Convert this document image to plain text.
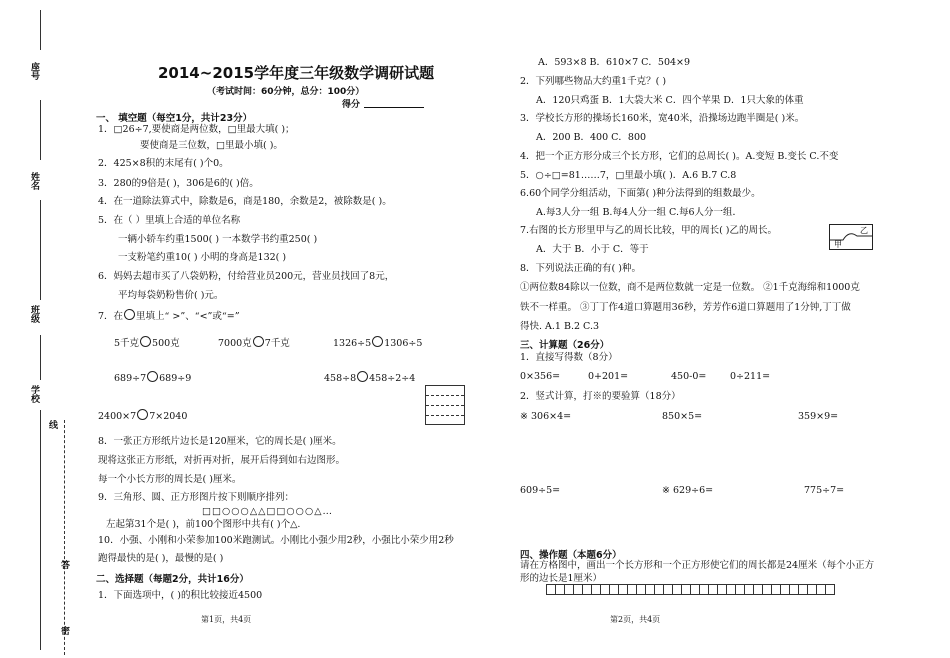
座号
姓名
班级
学校
线
答
密
2014~2015学年度三年级数学调研试题
（考试时间：60分钟，总分：100分）
得分
一、 填空题（每空1分，共计23分）
1．□26÷7,要使商是两位数，□里最大填( )；
要使商是三位数，□里最小填( )。
2．425×8积的末尾有( )个0。
3．280的9倍是( )，306是6的( )倍。
4．在一道除法算式中，除数是6，商是180，余数是2，被除数是( )。
5．在（ ）里填上合适的单位名称
一辆小轿车约重1500( ) 一本数学书约重250( )
一支粉笔约重10( ) 小明的身高是132( )
6．妈妈去超市买了八袋奶粉，付给营业员200元，营业员找回了8元，
平均每袋奶粉售价( )元。
7．在 里填上“ >”、“<”或“=”
5千克 500克	7000克 7千克	1326÷5 1306÷5
689÷7 689÷9	458÷8 458÷2÷4
2400×7 7×2040
8．一张正方形纸片边长是120厘米，它的周长是( )厘米。
现将这张正方形纸，对折再对折，展开后得到如右边图形。
每一个小长方形的周长是( )厘米。
9．三角形、圆、正方形图片按下则顺序排列：
□□○○○△△□□○○○△…
左起第31个是( )，前100个图形中共有( )个△.
10．小强、小刚和小荣参加100米跑测试。小刚比小强少用2秒，小强比小荣少用2秒
跑得最快的是( )，最慢的是( )
二、选择题（每题2分，共计16分）
1．下面选项中，( )的积比较接近4500
A．593×8 B．610×7 C．504×9
2．下列哪些物品大约重1千克？( )
A．120只鸡蛋 B．1大袋大米 C．四个苹果 D．1只大象的体重
3．学校长方形的操场长160米，宽40米，沿操场边跑半圈是( )米。
A．200 B．400 C．800
4．把一个正方形分成三个长方形，它们的总周长( )。A.变短 B.变长 C.不变
5．○÷□=81……7，□里最小填( )．A.6 B.7 C.8
6.60个同学分组活动，下面第( )种分法得到的组数最少。
A.每3人分一组 B.每4人分一组 C.每6人分一组．
7.右图的长方形里甲与乙的周长比较，甲的周长( )乙的周长。
A．大于 B．小于 C．等于	甲
乙
8．下列说法正确的有( )种。
①两位数84除以一位数，商不是两位数就一定是一位数。 ②1千克海绵和1000克
铁不一样重。 ③丁丁作4道口算题用36秒，芳芳作6道口算题用了1分钟,丁丁做
得快. A.1 B.2 C.3
三、计算题（26分）
1．直接写得数（8分）
0×356=	0+201=	450-0= 0÷211=
2．竖式计算，打※的要验算（18分）
※ 306×4=	850×5=	359×9=
609÷5=	※ 629÷6=	775÷7=
四、操作题（本题6分）
请在方格图中，画出一个长方形和一个正方形使它们的周长都是24厘米（每个小正方
形的边长是1厘米）
第1页，共4页	第2页，共4页
